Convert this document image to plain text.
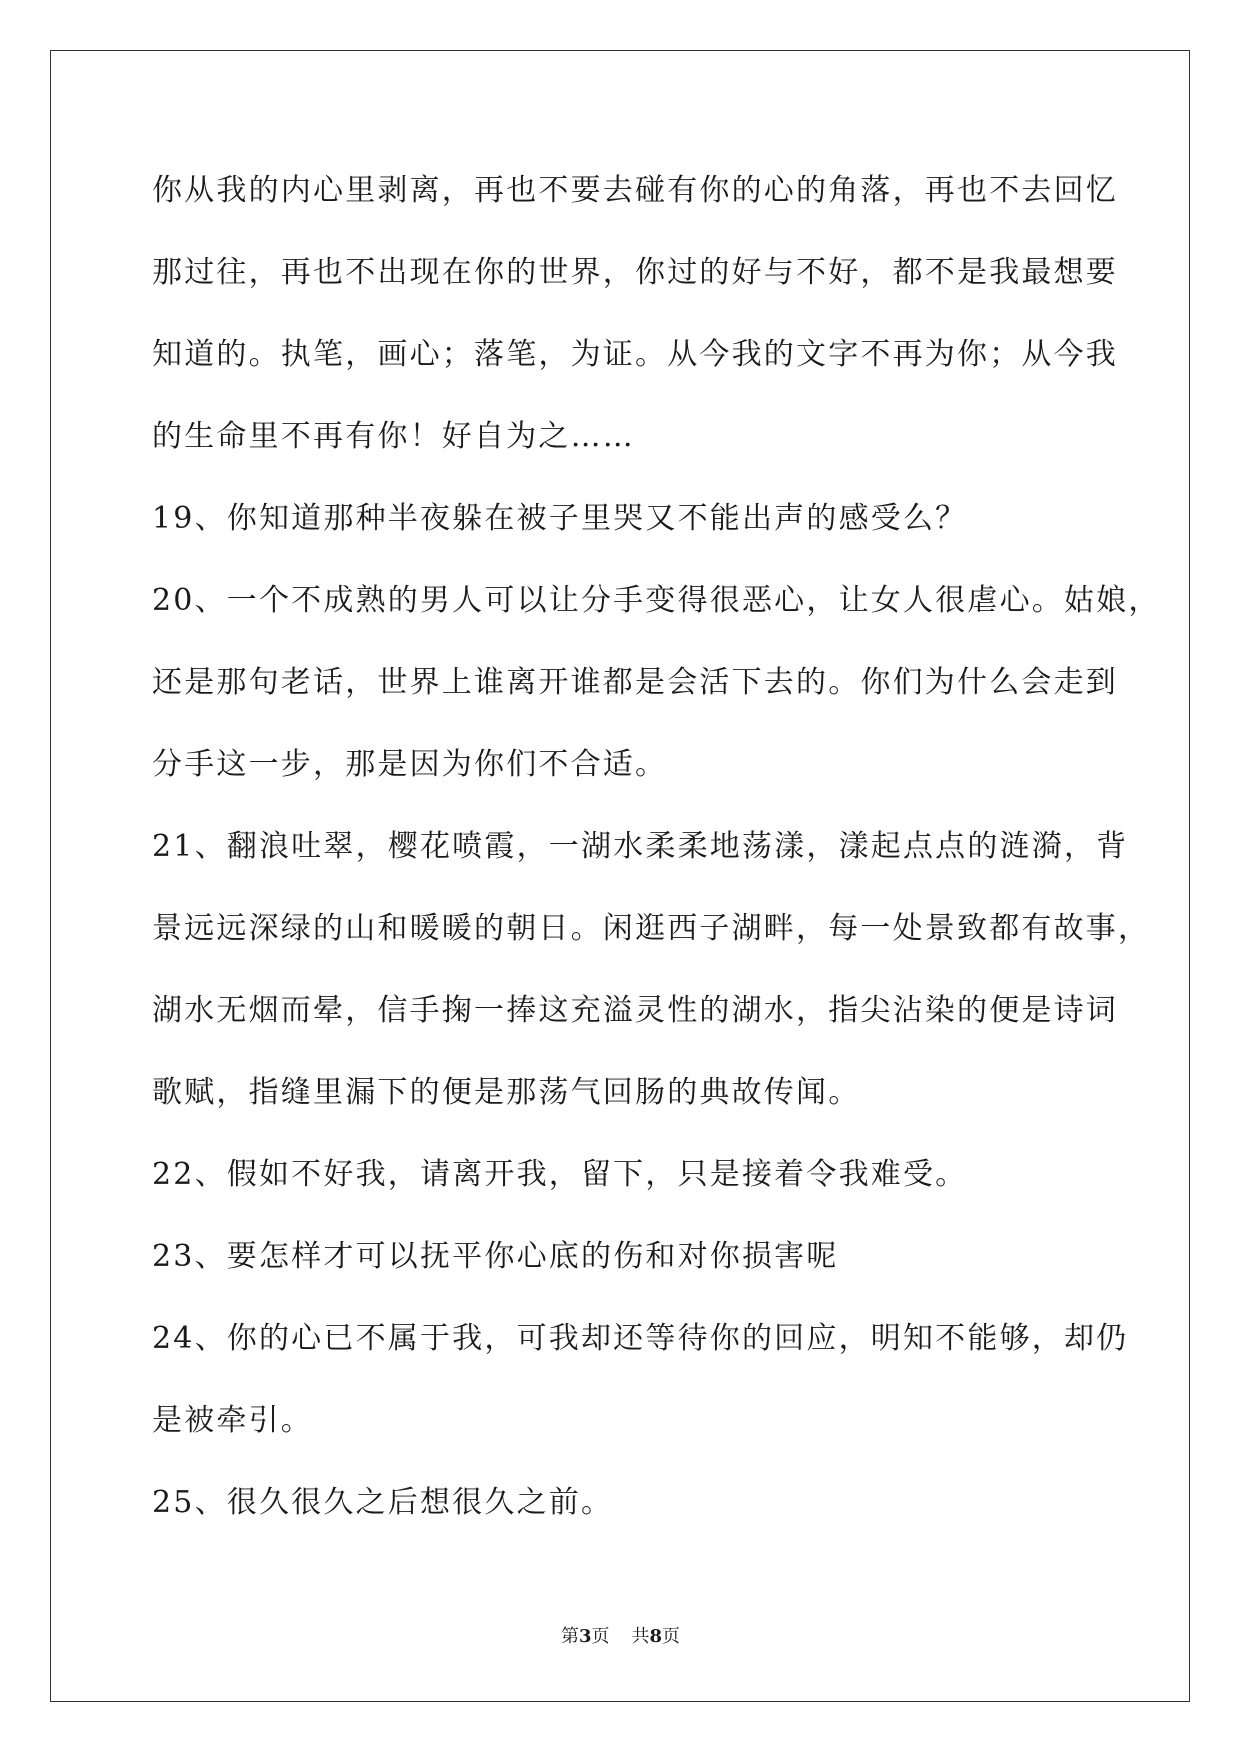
你从我的内心里剥离，再也不要去碰有你的心的角落，再也不去回忆
那过往，再也不出现在你的世界，你过的好与不好，都不是我最想要
知道的。执笔，画心；落笔，为证。从今我的文字不再为你；从今我
的生命里不再有你！好自为之……
19、你知道那种半夜躲在被子里哭又不能出声的感受么？
20、一个不成熟的男人可以让分手变得很恶心，让女人很虐心。姑娘，
还是那句老话，世界上谁离开谁都是会活下去的。你们为什么会走到
分手这一步，那是因为你们不合适。
21、翻浪吐翠，樱花喷霞，一湖水柔柔地荡漾，漾起点点的涟漪，背
景远远深绿的山和暖暖的朝日。闲逛西子湖畔，每一处景致都有故事，
湖水无烟而晕，信手掬一捧这充溢灵性的湖水，指尖沾染的便是诗词
歌赋，指缝里漏下的便是那荡气回肠的典故传闻。
22、假如不好我，请离开我，留下，只是接着令我难受。
23、要怎样才可以抚平你心底的伤和对你损害呢
24、你的心已不属于我，可我却还等待你的回应，明知不能够，却仍
是被牵引。
25、很久很久之后想很久之前。
第3页 共8页
